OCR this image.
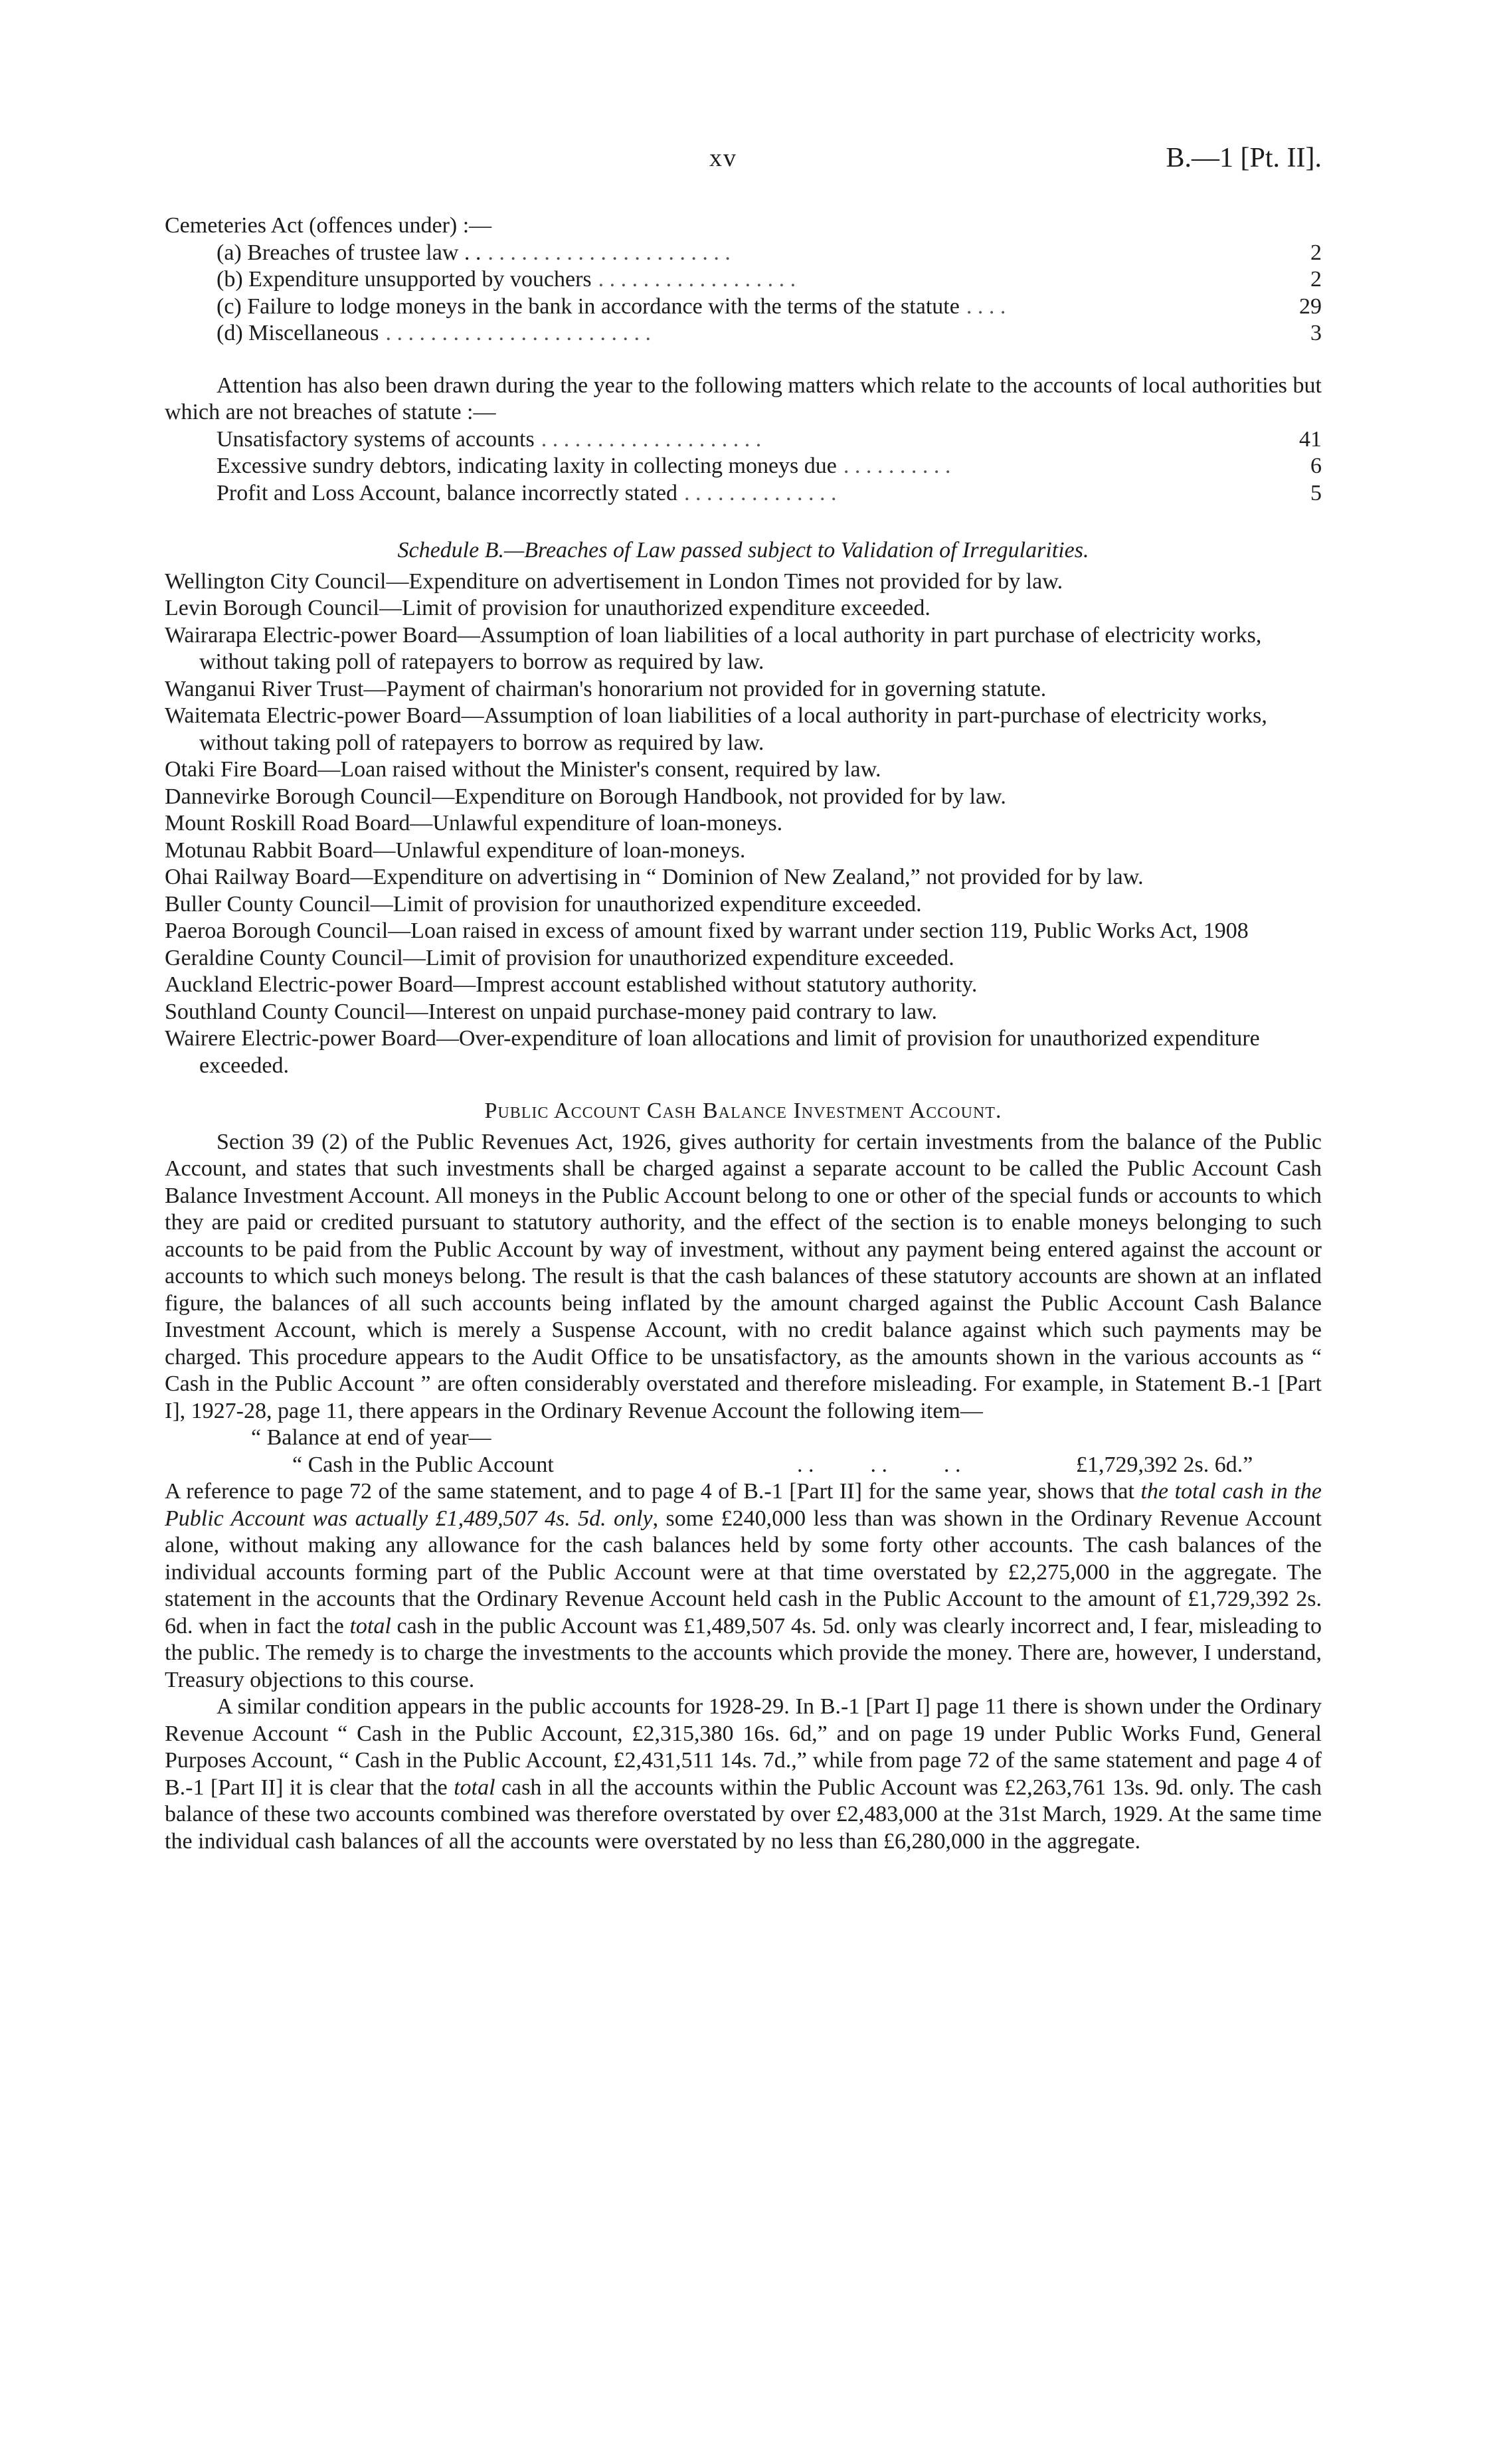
xv	B.—1 [Pt. II].

Cemeteries Act (offences under) :—

(a) Breaches of trustee law . . . . . . . . . . . . . . . . . . . . . . . .	2
(b) Expenditure unsupported by vouchers . . . . . . . . . . . . . . . . . .	2
(c) Failure to lodge moneys in the bank in accordance with the terms of the statute . . . .	29
(d) Miscellaneous . . . . . . . . . . . . . . . . . . . . . . . .	3

Attention has also been drawn during the year to the following matters which relate to the accounts of local authorities but which are not breaches of statute :—

Unsatisfactory systems of accounts . . . . . . . . . . . . . . . . . . . .	41
Excessive sundry debtors, indicating laxity in collecting moneys due . . . . . . . . . .	6
Profit and Loss Account, balance incorrectly stated . . . . . . . . . . . . . .	5

Schedule B.—Breaches of Law passed subject to Validation of Irregularities.

Wellington City Council—Expenditure on advertisement in London Times not provided for by law.

Levin Borough Council—Limit of provision for unauthorized expenditure exceeded.

Wairarapa Electric-power Board—Assumption of loan liabilities of a local authority in part purchase of electricity works, without taking poll of ratepayers to borrow as required by law.

Wanganui River Trust—Payment of chairman's honorarium not provided for in governing statute.

Waitemata Electric-power Board—Assumption of loan liabilities of a local authority in part-purchase of electricity works, without taking poll of ratepayers to borrow as required by law.

Otaki Fire Board—Loan raised without the Minister's consent, required by law.

Dannevirke Borough Council—Expenditure on Borough Handbook, not provided for by law.

Mount Roskill Road Board—Unlawful expenditure of loan-moneys.

Motunau Rabbit Board—Unlawful expenditure of loan-moneys.

Ohai Railway Board—Expenditure on advertising in “ Dominion of New Zealand,” not provided for by law.

Buller County Council—Limit of provision for unauthorized expenditure exceeded.

Paeroa Borough Council—Loan raised in excess of amount fixed by warrant under section 119, Public Works Act, 1908

Geraldine County Council—Limit of provision for unauthorized expenditure exceeded.

Auckland Electric-power Board—Imprest account established without statutory authority.

Southland County Council—Interest on unpaid purchase-money paid contrary to law.

Wairere Electric-power Board—Over-expenditure of loan allocations and limit of provision for unauthorized expenditure exceeded.

Public Account Cash Balance Investment Account.

Section 39 (2) of the Public Revenues Act, 1926, gives authority for certain investments from the balance of the Public Account, and states that such investments shall be charged against a separate account to be called the Public Account Cash Balance Investment Account. All moneys in the Public Account belong to one or other of the special funds or accounts to which they are paid or credited pursuant to statutory authority, and the effect of the section is to enable moneys belonging to such accounts to be paid from the Public Account by way of investment, without any payment being entered against the account or accounts to which such moneys belong. The result is that the cash balances of these statutory accounts are shown at an inflated figure, the balances of all such accounts being inflated by the amount charged against the Public Account Cash Balance Investment Account, which is merely a Suspense Account, with no credit balance against which such payments may be charged. This procedure appears to the Audit Office to be unsatisfactory, as the amounts shown in the various accounts as “ Cash in the Public Account ” are often considerably overstated and therefore misleading. For example, in Statement B.-1 [Part I], 1927-28, page 11, there appears in the Ordinary Revenue Account the following item—

“ Balance at end of year—

“ Cash in the Public Account	. .          . .          . .	£1,729,392 2s. 6d.”

A reference to page 72 of the same statement, and to page 4 of B.-1 [Part II] for the same year, shows that the total cash in the Public Account was actually £1,489,507 4s. 5d. only, some £240,000 less than was shown in the Ordinary Revenue Account alone, without making any allowance for the cash balances held by some forty other accounts. The cash balances of the individual accounts forming part of the Public Account were at that time overstated by £2,275,000 in the aggregate. The statement in the accounts that the Ordinary Revenue Account held cash in the Public Account to the amount of £1,729,392 2s. 6d. when in fact the total cash in the public Account was £1,489,507 4s. 5d. only was clearly incorrect and, I fear, misleading to the public. The remedy is to charge the investments to the accounts which provide the money. There are, however, I understand, Treasury objections to this course.

A similar condition appears in the public accounts for 1928-29. In B.-1 [Part I] page 11 there is shown under the Ordinary Revenue Account “ Cash in the Public Account, £2,315,380 16s. 6d,” and on page 19 under Public Works Fund, General Purposes Account, “ Cash in the Public Account, £2,431,511 14s. 7d.,” while from page 72 of the same statement and page 4 of B.-1 [Part II] it is clear that the total cash in all the accounts within the Public Account was £2,263,761 13s. 9d. only. The cash balance of these two accounts combined was therefore overstated by over £2,483,000 at the 31st March, 1929. At the same time the individual cash balances of all the accounts were overstated by no less than £6,280,000 in the aggregate.
